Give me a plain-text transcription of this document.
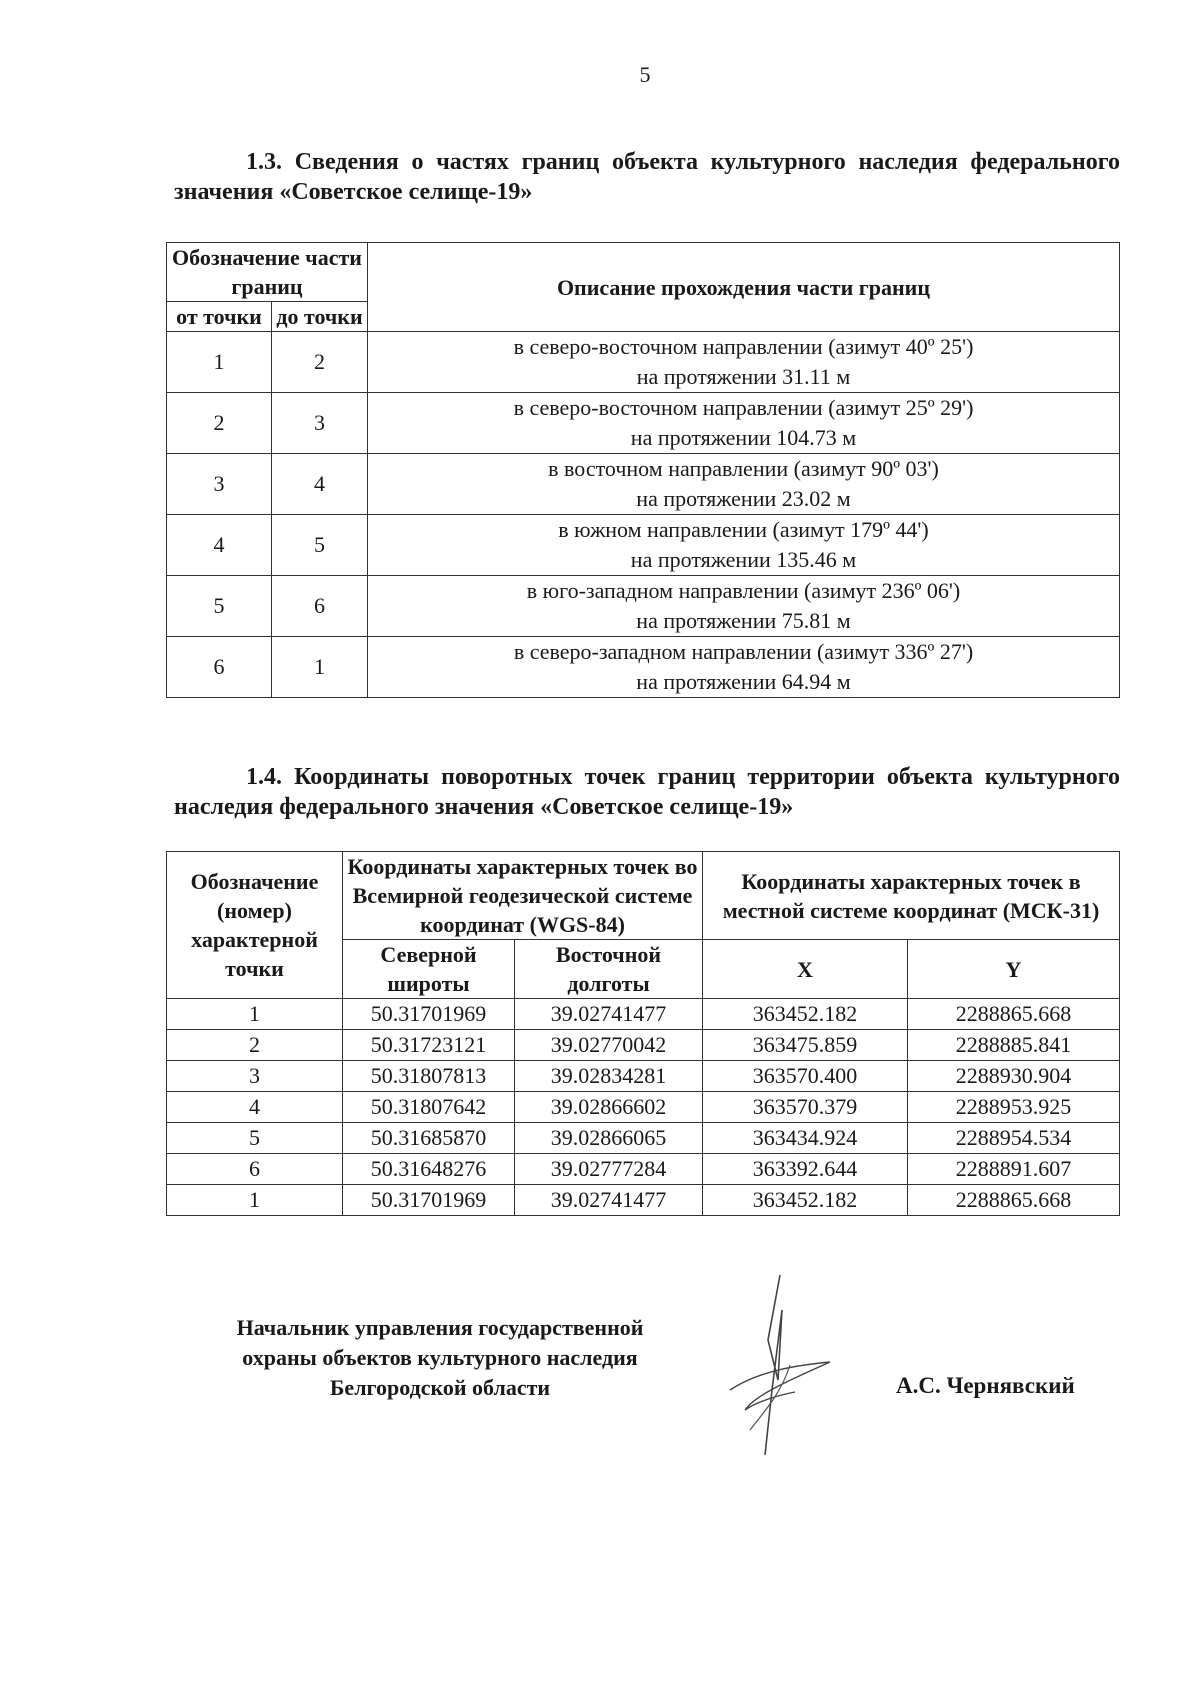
5
1.3. Сведения о частях границ объекта культурного наследия федерального значения «Советское селище-19»
Обозначение части границ		Описание прохождения части границ
от точки	до точки	
1	2	в северо-восточном направлении (азимут 40º 25')
на протяжении 31.11 м

2	3	в северо-восточном направлении (азимут 25º 29')
на протяжении 104.73 м

3	4	в восточном направлении (азимут 90º 03')
на протяжении 23.02 м

4	5	в южном направлении (азимут 179º 44')
на протяжении 135.46 м

5	6	в юго-западном направлении (азимут 236º 06')
на протяжении 75.81 м

6	1	в северо-западном направлении (азимут 336º 27')
на протяжении 64.94 м
1.4. Координаты поворотных точек границ территории объекта культурного наследия федерального значения «Советское селище-19»
Обозначение (номер) характерной точки	Координаты характерных точек во Всемирной геодезической системе координат (WGS-84)		Координаты характерных точек в местной системе координат (МСК-31)	
	Северной широты	Восточной долготы	X	Y
1	50.31701969	39.02741477	363452.182	2288865.668
2	50.31723121	39.02770042	363475.859	2288885.841
3	50.31807813	39.02834281	363570.400	2288930.904
4	50.31807642	39.02866602	363570.379	2288953.925
5	50.31685870	39.02866065	363434.924	2288954.534
6	50.31648276	39.02777284	363392.644	2288891.607
1	50.31701969	39.02741477	363452.182	2288865.668
Начальник управления государственной
охраны объектов культурного наследия
Белгородской области	А.С. Чернявский
